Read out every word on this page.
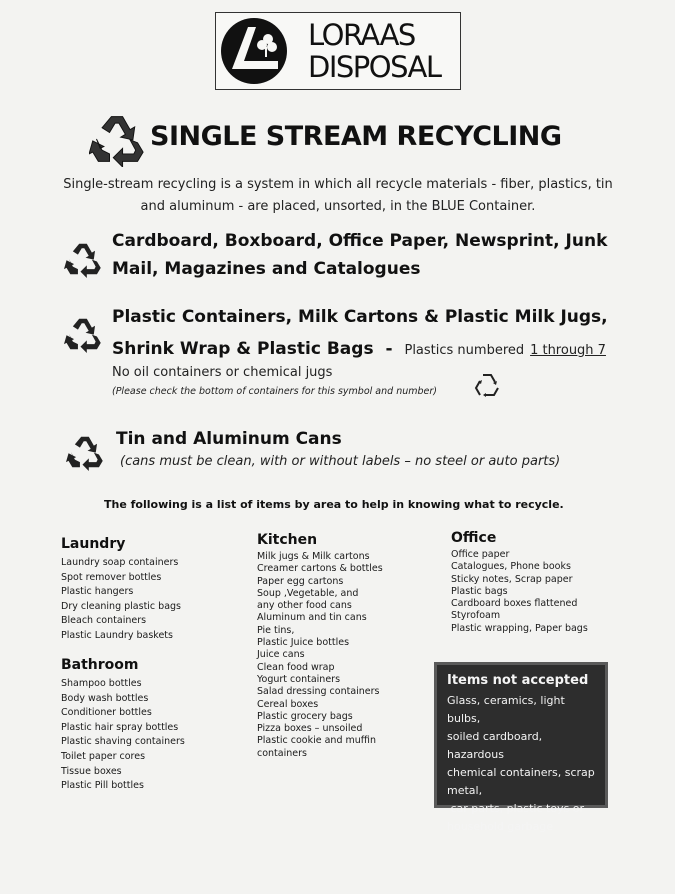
LORAAS
DISPOSAL
SINGLE STREAM RECYCLING
Single-stream recycling is a system in which all recycle materials - fiber, plastics, tin and aluminum - are placed, unsorted, in the BLUE Container.
Cardboard, Boxboard, Office Paper, Newsprint, Junk
Mail, Magazines and Catalogues
Plastic Containers, Milk Cartons & Plastic Milk Jugs,
Shrink Wrap & Plastic Bags - Plastics numbered 1 through 7
No oil containers or chemical jugs
(Please check the bottom of containers for this symbol and number)
Tin and Aluminum Cans
(cans must be clean, with or without labels – no steel or auto parts)
The following is a list of items by area to help in knowing what to recycle.
Laundry
Laundry soap containers
Spot remover bottles
Plastic hangers
Dry cleaning plastic bags
Bleach containers
Plastic Laundry baskets
Bathroom
Shampoo bottles
Body wash bottles
Conditioner bottles
Plastic hair spray bottles
Plastic shaving containers
Toilet paper cores
Tissue boxes
Plastic Pill bottles
Kitchen
Milk jugs & Milk cartons
Creamer cartons & bottles
Paper egg cartons
Soup ,Vegetable, and
any other food cans
Aluminum and tin cans
Pie tins,
Plastic Juice bottles
Juice cans
Clean food wrap
Yogurt containers
Salad dressing containers
Cereal boxes
Plastic grocery bags
Pizza boxes – unsoiled
Plastic cookie and muffin
containers
Office
Office paper
Catalogues, Phone books
Sticky notes, Scrap paper
Plastic bags
Cardboard boxes flattened
Styrofoam
Plastic wrapping, Paper bags
Items not accepted
Glass, ceramics, light bulbs,
soiled cardboard, hazardous
chemical containers, scrap
metal,
car parts, plastic toys or
household garbage
